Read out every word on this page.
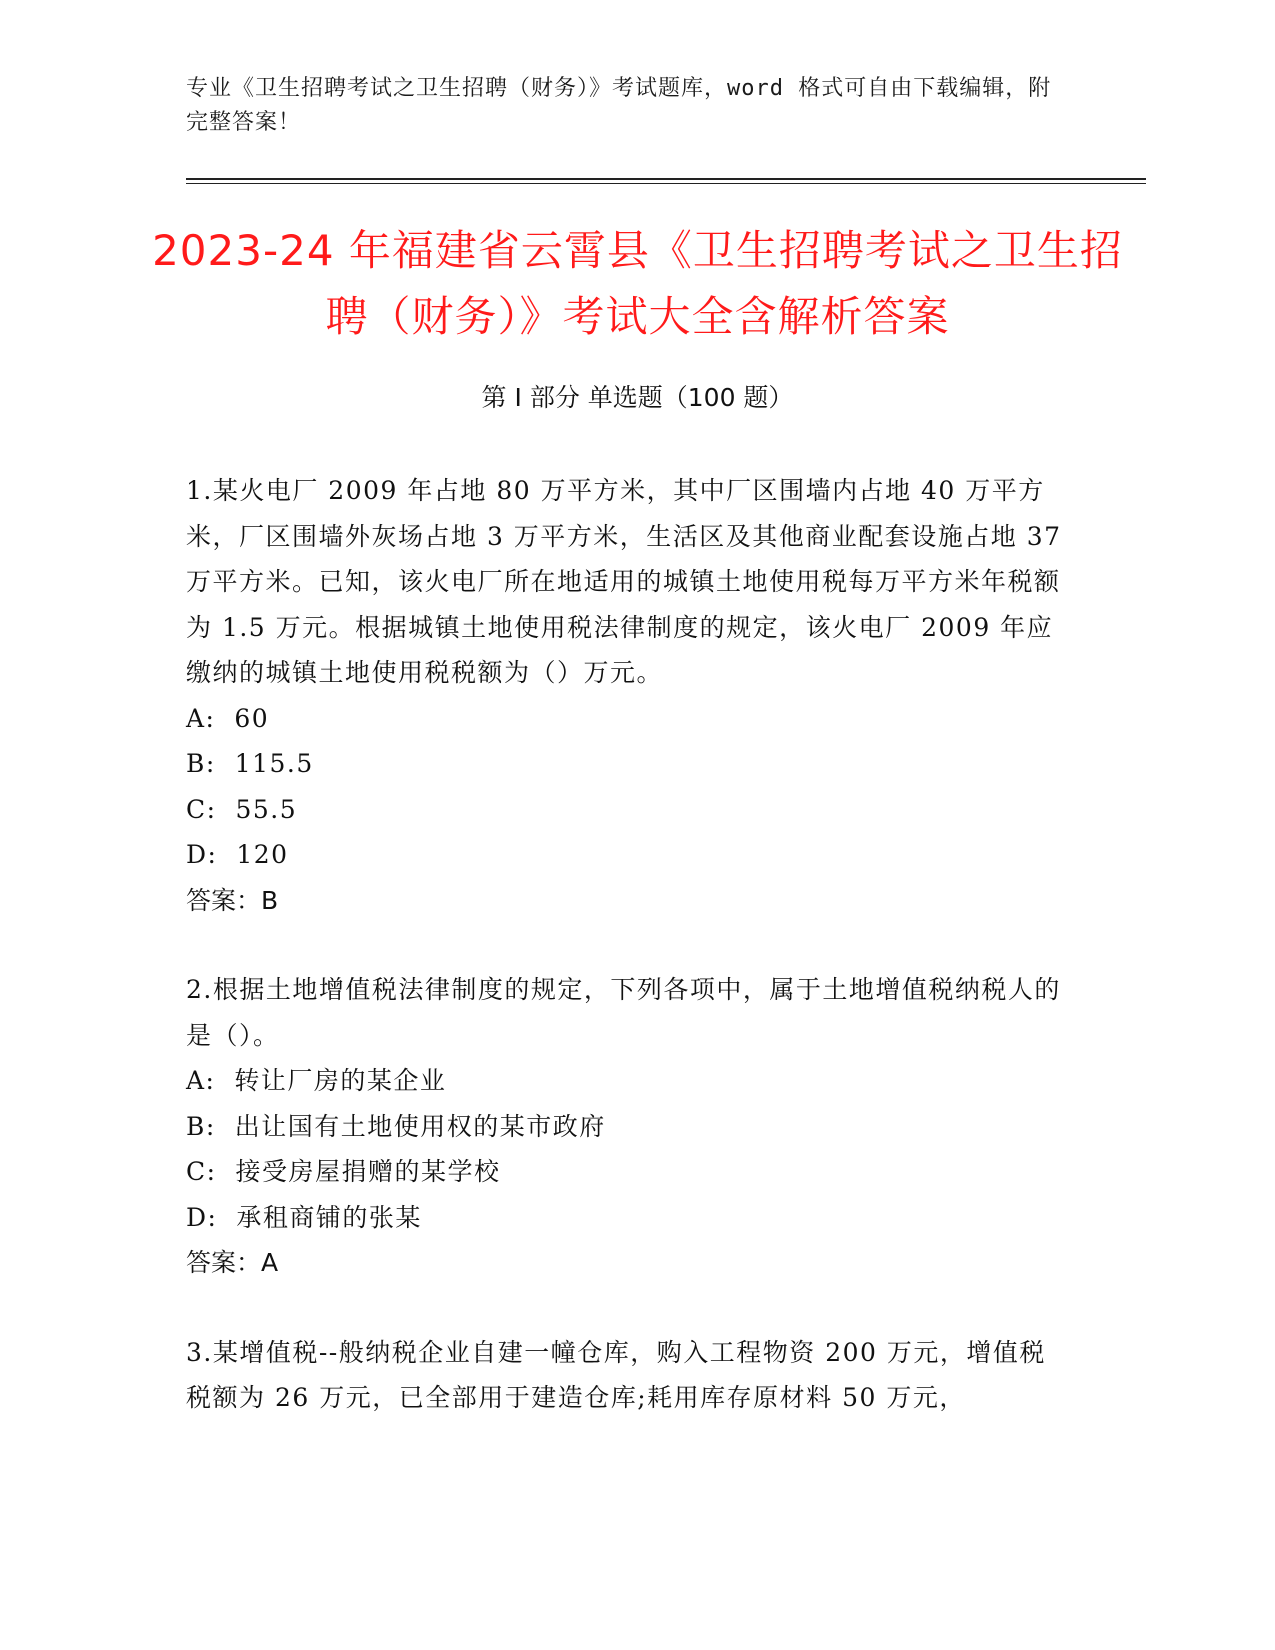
专业《卫生招聘考试之卫生招聘（财务）》考试题库，word 格式可自由下载编辑，附完整答案！
2023-24 年福建省云霄县《卫生招聘考试之卫生招聘（财务）》考试大全含解析答案
第 I 部分 单选题（100 题）
1.某火电厂 2009 年占地 80 万平方米，其中厂区围墙内占地 40 万平方米，厂区围墙外灰场占地 3 万平方米，生活区及其他商业配套设施占地 37 万平方米。已知，该火电厂所在地适用的城镇土地使用税每万平方米年税额为 1.5 万元。根据城镇土地使用税法律制度的规定，该火电厂 2009 年应缴纳的城镇土地使用税税额为（）万元。
A:  60
B:  115.5
C:  55.5
D:  120
答案：B
2.根据土地增值税法律制度的规定，下列各项中，属于土地增值税纳税人的是（）。
A:  转让厂房的某企业
B:  出让国有土地使用权的某市政府
C:  接受房屋捐赠的某学校
D:  承租商铺的张某
答案：A
3.某增值税--般纳税企业自建一幢仓库，购入工程物资 200 万元，增值税税额为 26 万元，已全部用于建造仓库;耗用库存原材料 50 万元，
